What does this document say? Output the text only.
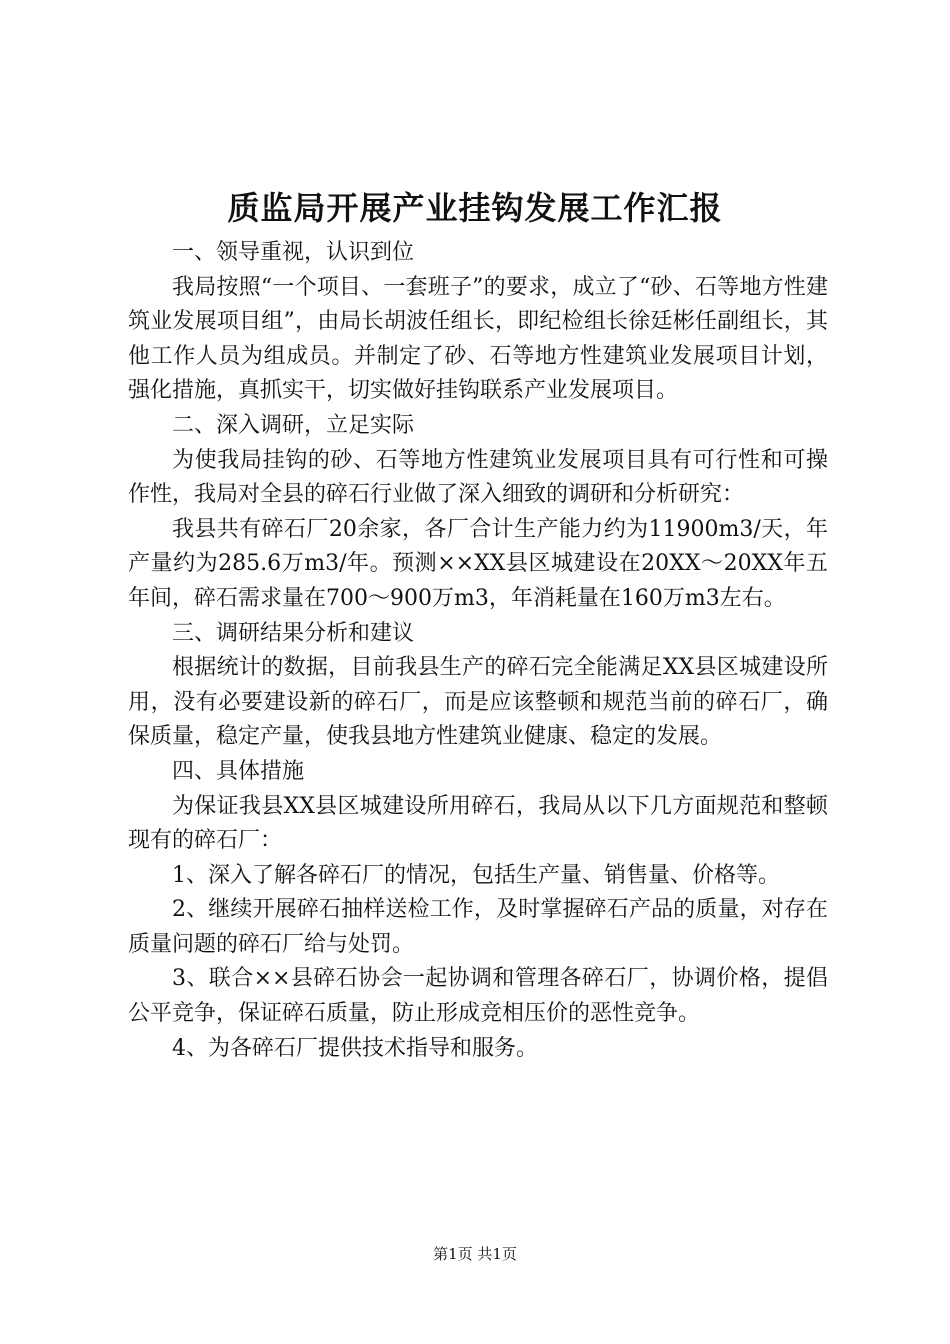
质监局开展产业挂钩发展工作汇报

一、领导重视，认识到位

我局按照“一个项目、一套班子”的要求，成立了“砂、石等地方性建筑业发展项目组”，由局长胡波任组长，即纪检组长徐廷彬任副组长，其他工作人员为组成员。并制定了砂、石等地方性建筑业发展项目计划，强化措施，真抓实干，切实做好挂钩联系产业发展项目。

二、深入调研，立足实际

为使我局挂钩的砂、石等地方性建筑业发展项目具有可行性和可操作性，我局对全县的碎石行业做了深入细致的调研和分析研究：

我县共有碎石厂20余家，各厂合计生产能力约为11900m3/天，年产量约为285.6万m3/年。预测××XX县区城建设在20XX～20XX年五年间，碎石需求量在700～900万m3，年消耗量在160万m3左右。

三、调研结果分析和建议

根据统计的数据，目前我县生产的碎石完全能满足XX县区城建设所用，没有必要建设新的碎石厂，而是应该整顿和规范当前的碎石厂，确保质量，稳定产量，使我县地方性建筑业健康、稳定的发展。

四、具体措施

为保证我县XX县区城建设所用碎石，我局从以下几方面规范和整顿现有的碎石厂：

1、深入了解各碎石厂的情况，包括生产量、销售量、价格等。

2、继续开展碎石抽样送检工作，及时掌握碎石产品的质量，对存在质量问题的碎石厂给与处罚。

3、联合××县碎石协会一起协调和管理各碎石厂，协调价格，提倡公平竞争，保证碎石质量，防止形成竞相压价的恶性竞争。

4、为各碎石厂提供技术指导和服务。

第1页 共1页
